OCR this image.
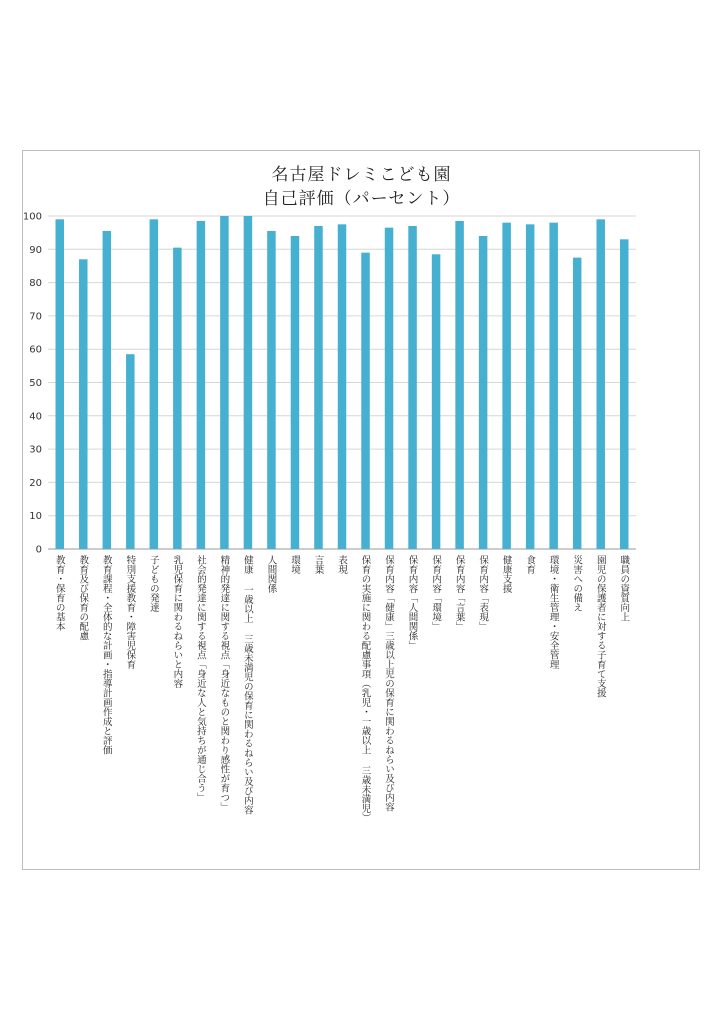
名古屋ドレミこども園
自己評価（パーセント）
0
10
20
30
40
50
60
70
80
90
100
教育・保育の基本 教育及び保育の配慮 教育課程・全体的な計画・指導計画作成と評価 特別支援教育・障害児保育 子どもの発達 乳児保育に関わるねらいと内容 社会的発達に関する視点「身近な人と気持ちが通じ合う」 精神的発達に関する視点「身近なものと関わり感性が育つ」 健康 一歳以上 三歳未満児の保育に関わるねらい及び内容 人間関係 環境 言葉 表現 保育の実施に関わる配慮事項（乳児・一歳以上 三歳未満児） 保育内容「健康」三歳以上児の保育に関わるねらい及び内容 保育内容「人間関係」 保育内容「環境」 保育内容「言葉」 保育内容「表現」 健康支援 食育 環境・衛生管理・安全管理 災害への備え 園児の保護者に対する子育て支援 職員の資質向上
